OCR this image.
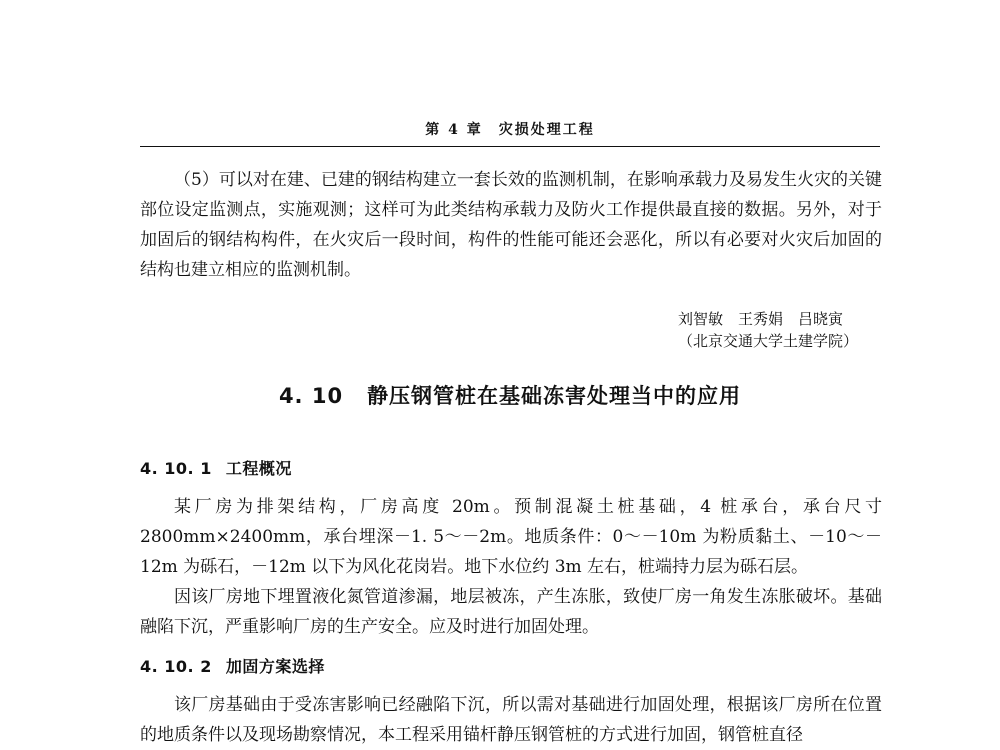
第 4 章　灾损处理工程

（5）可以对在建、已建的钢结构建立一套长效的监测机制，在影响承载力及易发生火灾的关键部位设定监测点，实施观测；这样可为此类结构承载力及防火工作提供最直接的数据。另外，对于加固后的钢结构构件，在火灾后一段时间，构件的性能可能还会恶化，所以有必要对火灾后加固的结构也建立相应的监测机制。

刘智敏　王秀娟　吕晓寅
（北京交通大学土建学院）
4. 10 静压钢管桩在基础冻害处理当中的应用
4. 10. 1 工程概况

某厂房为排架结构，厂房高度 20m。预制混凝土桩基础，4 桩承台，承台尺寸 2800mm×2400mm，承台埋深－1. 5～－2m。地质条件：0～－10m 为粉质黏土、－10～－12m 为砾石，－12m 以下为风化花岗岩。地下水位约 3m 左右，桩端持力层为砾石层。

因该厂房地下埋置液化氮管道渗漏，地层被冻，产生冻胀，致使厂房一角发生冻胀破坏。基础融陷下沉，严重影响厂房的生产安全。应及时进行加固处理。

4. 10. 2 加固方案选择

该厂房基础由于受冻害影响已经融陷下沉，所以需对基础进行加固处理，根据该厂房所在位置的地质条件以及现场勘察情况，本工程采用锚杆静压钢管桩的方式进行加固，钢管桩直径
